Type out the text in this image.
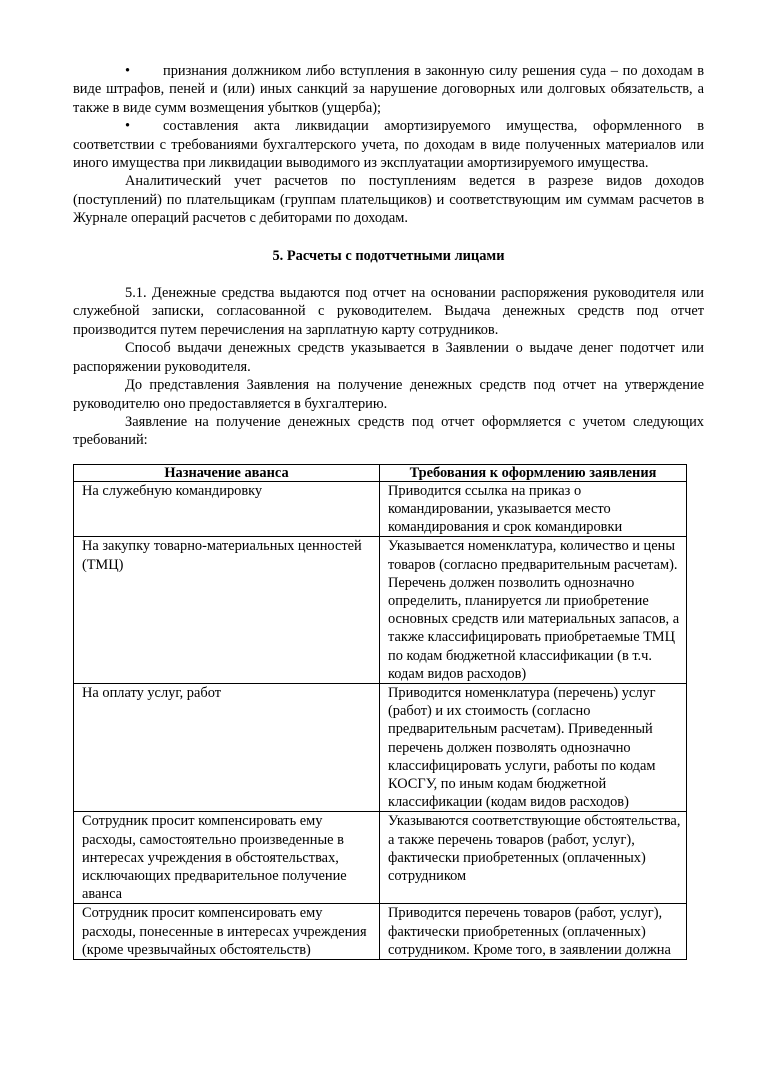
• признания должником либо вступления в законную силу решения суда – по доходам в виде штрафов, пеней и (или) иных санкций за нарушение договорных или долговых обязательств, а также в виде сумм возмещения убытков (ущерба);

• составления акта ликвидации амортизируемого имущества, оформленного в соответствии с требованиями бухгалтерского учета, по доходам в виде полученных материалов или иного имущества при ликвидации выводимого из эксплуатации амортизируемого имущества.

Аналитический учет расчетов по поступлениям ведется в разрезе видов доходов (поступлений) по плательщикам (группам плательщиков) и соответствующим им суммам расчетов в Журнале операций расчетов с дебиторами по доходам.

5. Расчеты с подотчетными лицами

5.1. Денежные средства выдаются под отчет на основании распоряжения руководителя или служебной записки, согласованной с руководителем. Выдача денежных средств под отчет производится путем перечисления на зарплатную карту сотрудников.

Способ выдачи денежных средств указывается в Заявлении о выдаче денег подотчет или распоряжении руководителя.

До представления Заявления на получение денежных средств под отчет на утверждение руководителю оно предоставляется в бухгалтерию.

Заявление на получение денежных средств под отчет оформляется с учетом следующих требований:

Назначение аванса	Требования к оформлению заявления
На служебную командировку	Приводится ссылка на приказ о командировании, указывается место командирования и срок командировки
На закупку товарно-материальных ценностей (ТМЦ)	Указывается номенклатура, количество и цены товаров (согласно предварительным расчетам). Перечень должен позволить однозначно определить, планируется ли приобретение основных средств или материальных запасов, а также классифицировать приобретаемые ТМЦ по кодам бюджетной классификации (в т.ч. кодам видов расходов)
На оплату услуг, работ	Приводится номенклатура (перечень) услуг (работ) и их стоимость (согласно предварительным расчетам). Приведенный перечень должен позволять однозначно классифицировать услуги, работы по кодам КОСГУ, по иным кодам бюджетной классификации (кодам видов расходов)
Сотрудник просит компенсировать ему расходы, самостоятельно произведенные в интересах учреждения в обстоятельствах, исключающих предварительное получение аванса	Указываются соответствующие обстоятельства, а также перечень товаров (работ, услуг), фактически приобретенных (оплаченных) сотрудником
Сотрудник просит компенсировать ему расходы, понесенные в интересах учреждения (кроме чрезвычайных обстоятельств)	Приводится перечень товаров (работ, услуг), фактически приобретенных (оплаченных) сотрудником. Кроме того, в заявлении должна
